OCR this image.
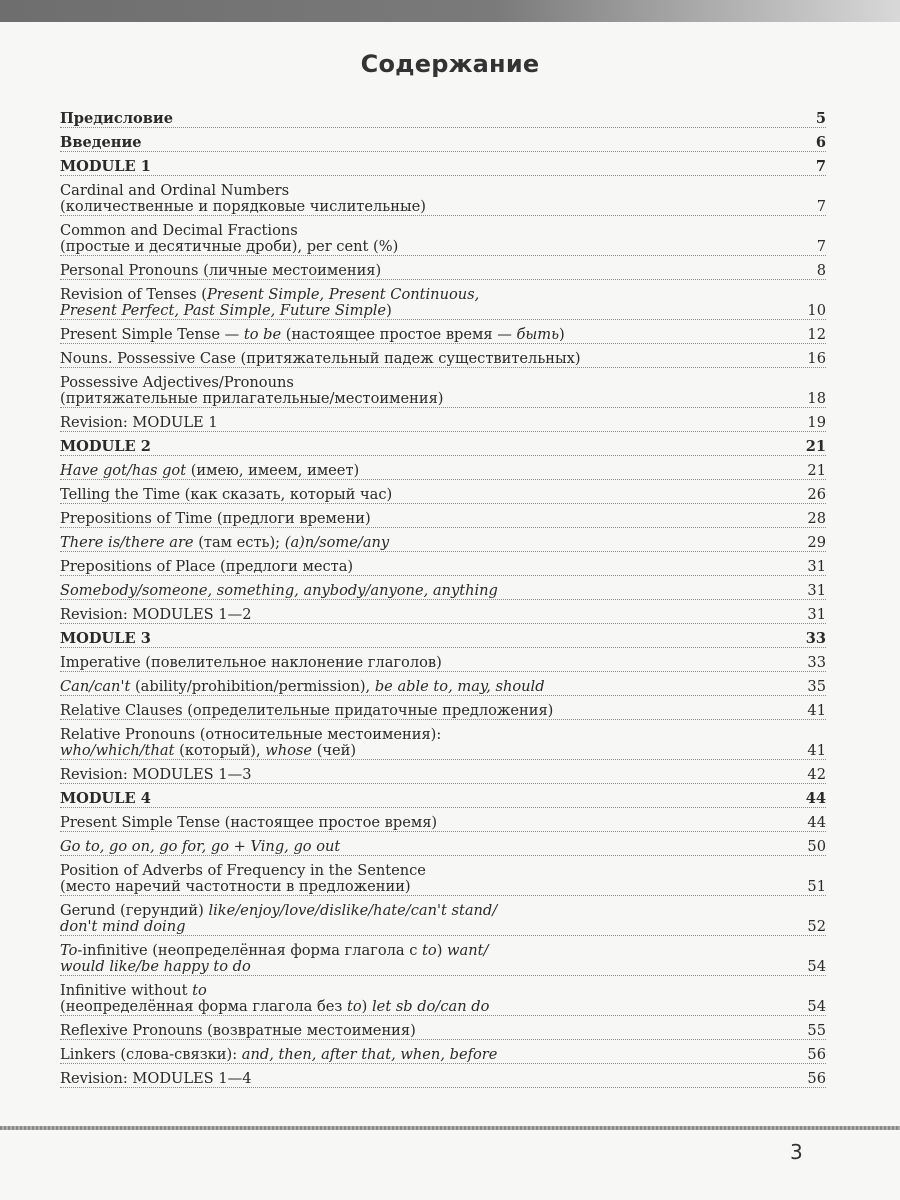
Содержание
Предисловие	5
Введение	6
MODULE 1	7
Cardinal and Ordinal Numbers
(количественные и порядковые числительные)	7
Common and Decimal Fractions
(простые и десятичные дроби), per cent (%)	7
Personal Pronouns (личные местоимения)	8
Revision of Tenses (Present Simple, Present Continuous,
Present Perfect, Past Simple, Future Simple)	10
Present Simple Tense — to be (настоящее простое время — быть)	12
Nouns. Possessive Case (притяжательный падеж существительных)	16
Possessive Adjectives/Pronouns
(притяжательные прилагательные/местоимения)	18
Revision: MODULE 1	19
MODULE 2	21
Have got/has got (имею, имеем, имеет)	21
Telling the Time (как сказать, который час)	26
Prepositions of Time (предлоги времени)	28
There is/there are (там есть); (a)n/some/any	29
Prepositions of Place (предлоги места)	31
Somebody/someone, something, anybody/anyone, anything	31
Revision: MODULES 1—2	31
MODULE 3	33
Imperative (повелительное наклонение глаголов)	33
Can/can't (ability/prohibition/permission), be able to, may, should	35
Relative Clauses (определительные придаточные предложения)	41
Relative Pronouns (относительные местоимения):
who/which/that (который), whose (чей)	41
Revision: MODULES 1—3	42
MODULE 4	44
Present Simple Tense (настоящее простое время)	44
Go to, go on, go for, go + Ving, go out	50
Position of Adverbs of Frequency in the Sentence
(место наречий частотности в предложении)	51
Gerund (герундий) like/enjoy/love/dislike/hate/can't stand/
don't mind doing	52
To-infinitive (неопределённая форма глагола с to) want/
would like/be happy to do	54
Infinitive without to
(неопределённая форма глагола без to) let sb do/can do	54
Reflexive Pronouns (возвратные местоимения)	55
Linkers (слова-связки): and, then, after that, when, before	56
Revision: MODULES 1—4	56
3
